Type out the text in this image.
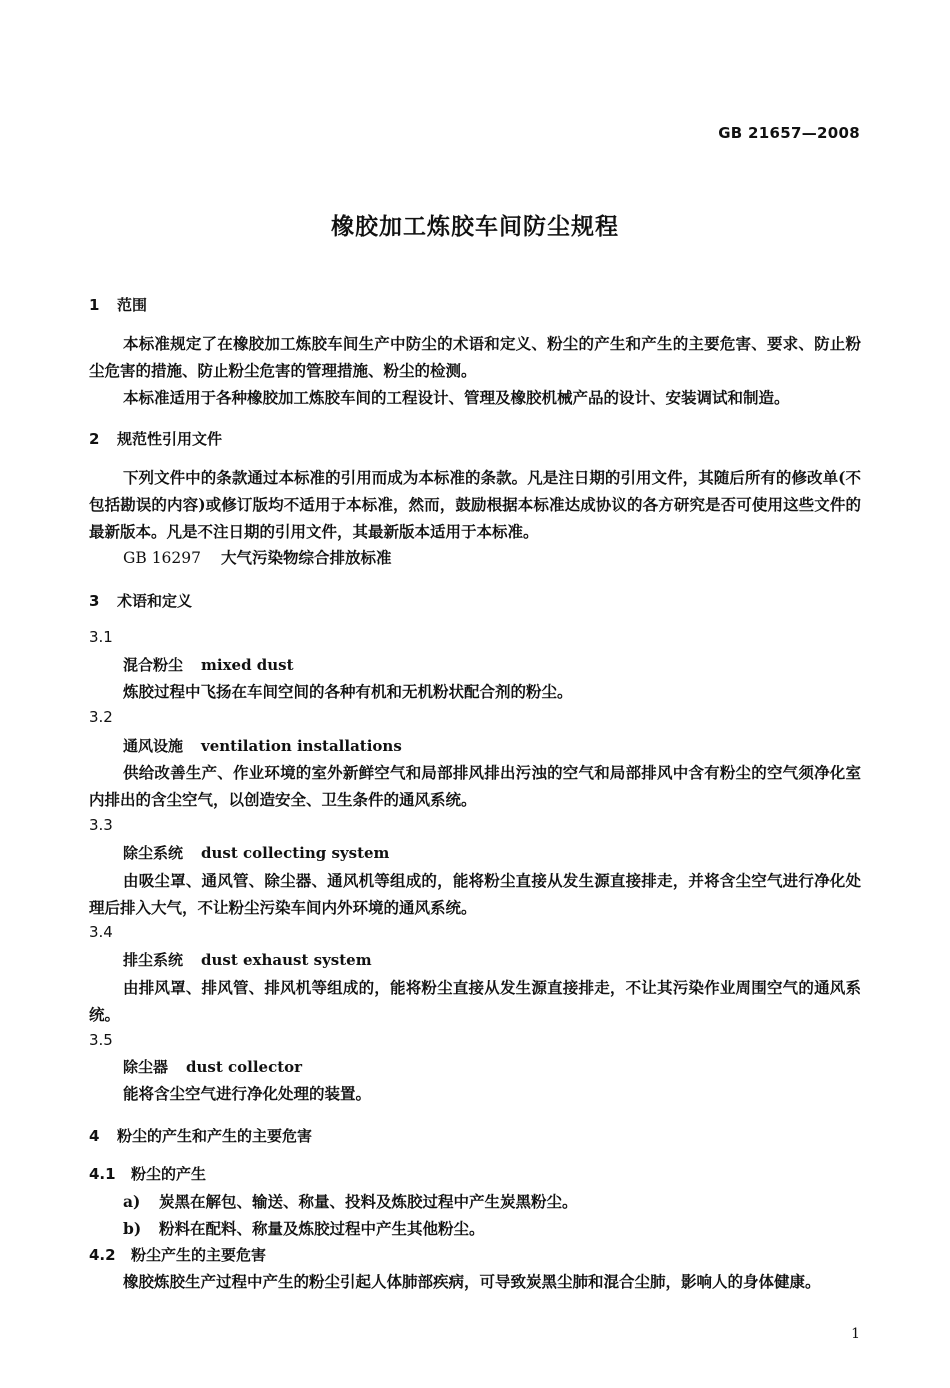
GB 21657—2008
橡胶加工炼胶车间防尘规程
1 范围
本标准规定了在橡胶加工炼胶车间生产中防尘的术语和定义、粉尘的产生和产生的主要危害、要求、防止粉尘危害的措施、防止粉尘危害的管理措施、粉尘的检测。
本标准适用于各种橡胶加工炼胶车间的工程设计、管理及橡胶机械产品的设计、安装调试和制造。
2 规范性引用文件
下列文件中的条款通过本标准的引用而成为本标准的条款。凡是注日期的引用文件，其随后所有的修改单(不包括勘误的内容)或修订版均不适用于本标准，然而，鼓励根据本标准达成协议的各方研究是否可使用这些文件的最新版本。凡是不注日期的引用文件，其最新版本适用于本标准。
GB 16297 大气污染物综合排放标准
3 术语和定义
3.1
混合粉尘 mixed dust
炼胶过程中飞扬在车间空间的各种有机和无机粉状配合剂的粉尘。
3.2
通风设施 ventilation installations
供给改善生产、作业环境的室外新鲜空气和局部排风排出污浊的空气和局部排风中含有粉尘的空气须净化室内排出的含尘空气，以创造安全、卫生条件的通风系统。
3.3
除尘系统 dust collecting system
由吸尘罩、通风管、除尘器、通风机等组成的，能将粉尘直接从发生源直接排走，并将含尘空气进行净化处理后排入大气，不让粉尘污染车间内外环境的通风系统。
3.4
排尘系统 dust exhaust system
由排风罩、排风管、排风机等组成的，能将粉尘直接从发生源直接排走，不让其污染作业周围空气的通风系统。
3.5
除尘器 dust collector
能将含尘空气进行净化处理的装置。
4 粉尘的产生和产生的主要危害
4.1 粉尘的产生
a) 炭黑在解包、输送、称量、投料及炼胶过程中产生炭黑粉尘。
b) 粉料在配料、称量及炼胶过程中产生其他粉尘。
4.2 粉尘产生的主要危害
橡胶炼胶生产过程中产生的粉尘引起人体肺部疾病，可导致炭黑尘肺和混合尘肺，影响人的身体健康。
1
